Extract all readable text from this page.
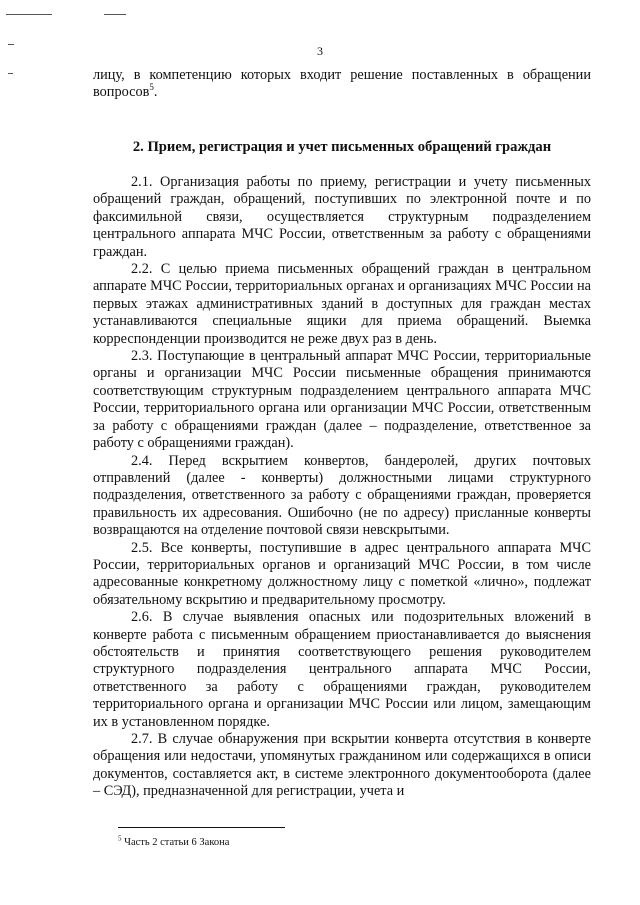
3

лицу, в компетенцию которых входит решение поставленных в обращении вопросов$^5$.

2. Прием, регистрация и учет письменных обращений граждан

2.1. Организация работы по приему, регистрации и учету письменных обращений граждан, обращений, поступивших по электронной почте и по факсимильной связи, осуществляется структурным подразделением центрального аппарата МЧС России, ответственным за работу с обращениями граждан.

2.2. С целью приема письменных обращений граждан в центральном аппарате МЧС России, территориальных органах и организациях МЧС России на первых этажах административных зданий в доступных для граждан местах устанавливаются специальные ящики для приема обращений. Выемка корреспонденции производится не реже двух раз в день.

2.3. Поступающие в центральный аппарат МЧС России, территориальные органы и организации МЧС России письменные обращения принимаются соответствующим структурным подразделением центрального аппарата МЧС России, территориального органа или организации МЧС России, ответственным за работу с обращениями граждан (далее – подразделение, ответственное за работу с обращениями граждан).

2.4. Перед вскрытием конвертов, бандеролей, других почтовых отправлений (далее - конверты) должностными лицами структурного подразделения, ответственного за работу с обращениями граждан, проверяется правильность их адресования. Ошибочно (не по адресу) присланные конверты возвращаются на отделение почтовой связи невскрытыми.

2.5. Все конверты, поступившие в адрес центрального аппарата МЧС России, территориальных органов и организаций МЧС России, в том числе адресованные конкретному должностному лицу с пометкой «лично», подлежат обязательному вскрытию и предварительному просмотру.

2.6. В случае выявления опасных или подозрительных вложений в конверте работа с письменным обращением приостанавливается до выяснения обстоятельств и принятия соответствующего решения руководителем структурного подразделения центрального аппарата МЧС России, ответственного за работу с обращениями граждан, руководителем территориального органа и организации МЧС России или лицом, замещающим их в установленном порядке.

2.7. В случае обнаружения при вскрытии конверта отсутствия в конверте обращения или недостачи, упомянутых гражданином или содержащихся в описи документов, составляется акт, в системе электронного документооборота (далее – СЭД), предназначенной для регистрации, учета и

$^5$ Часть 2 статьи 6 Закона
